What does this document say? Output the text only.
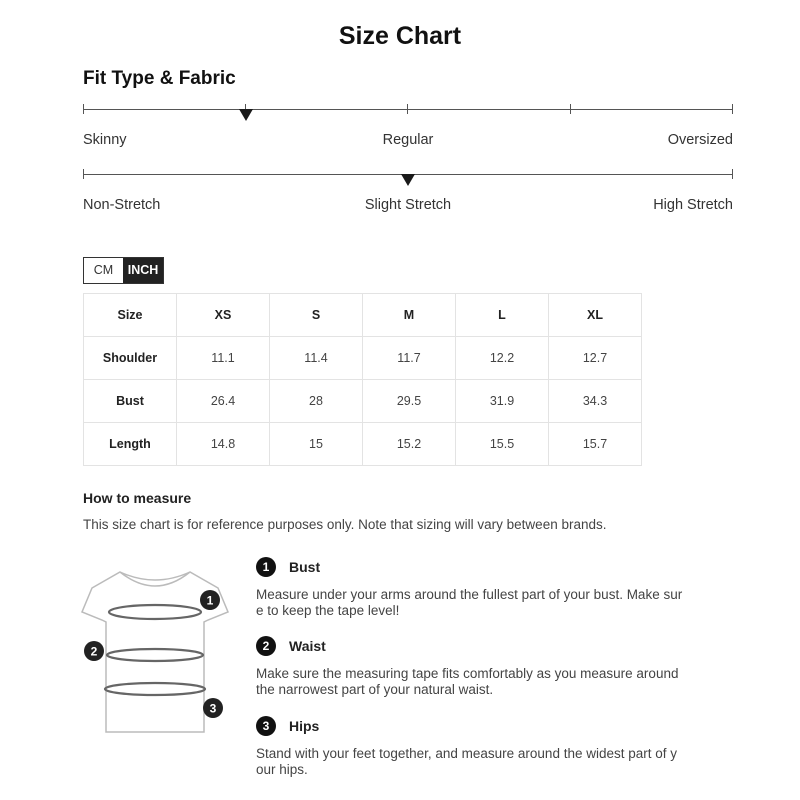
Size Chart
Fit Type & Fabric
Skinny	Regular	Oversized
Non-Stretch	Slight Stretch	High Stretch
CM	INCH
Size	XS	S	M	L	XL
Shoulder	11.1	11.4	11.7	12.2	12.7
Bust	26.4	28	29.5	31.9	34.3
Length	14.8	15	15.2	15.5	15.7
How to measure
This size chart is for reference purposes only. Note that sizing will vary between brands.
1
2
3
1	Bust
Measure under your arms around the fullest part of your bust. Make sure to keep the tape level!
2	Waist
Make sure the measuring tape fits comfortably as you measure around the narrowest part of your natural waist.
3	Hips
Stand with your feet together, and measure around the widest part of your hips.
